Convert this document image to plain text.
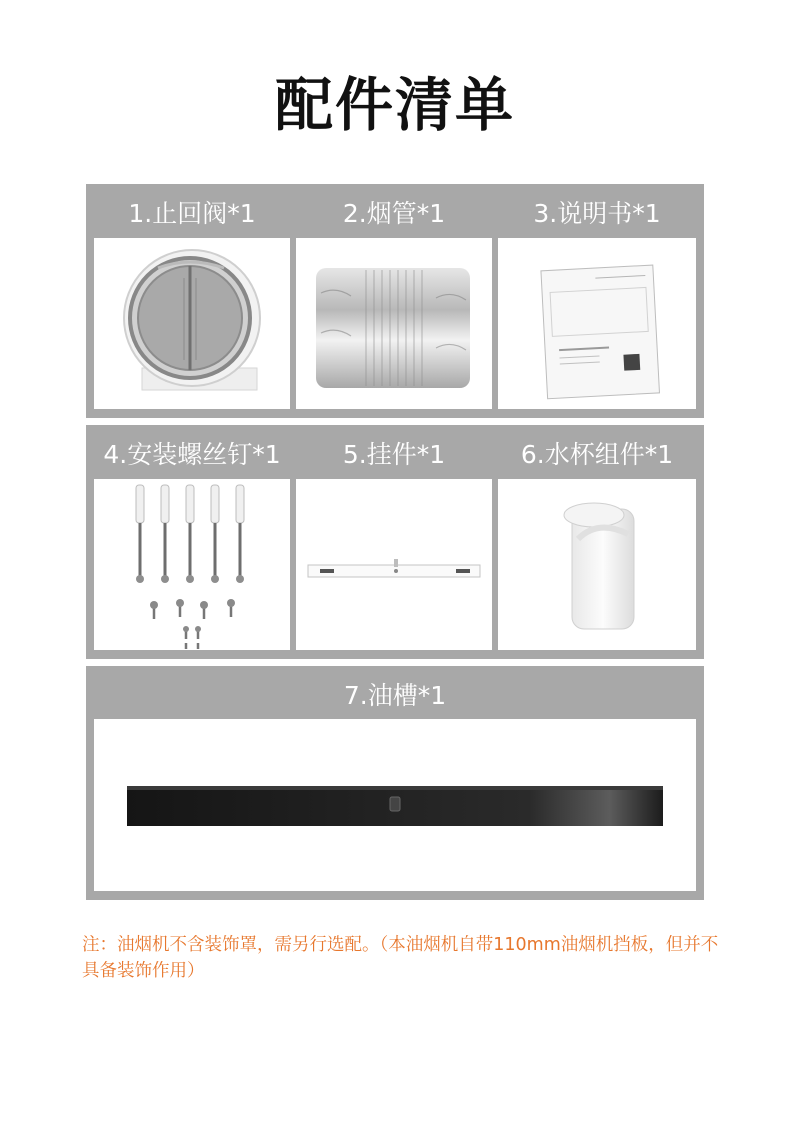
配件清单
1.止回阀*1	2.烟管*1	3.说明书*1
4.安装螺丝钉*1	5.挂件*1	6.水杯组件*1
7.油槽*1
注：油烟机不含装饰罩，需另行选配。（本油烟机自带110mm油烟机挡板，但并不具备装饰作用）
